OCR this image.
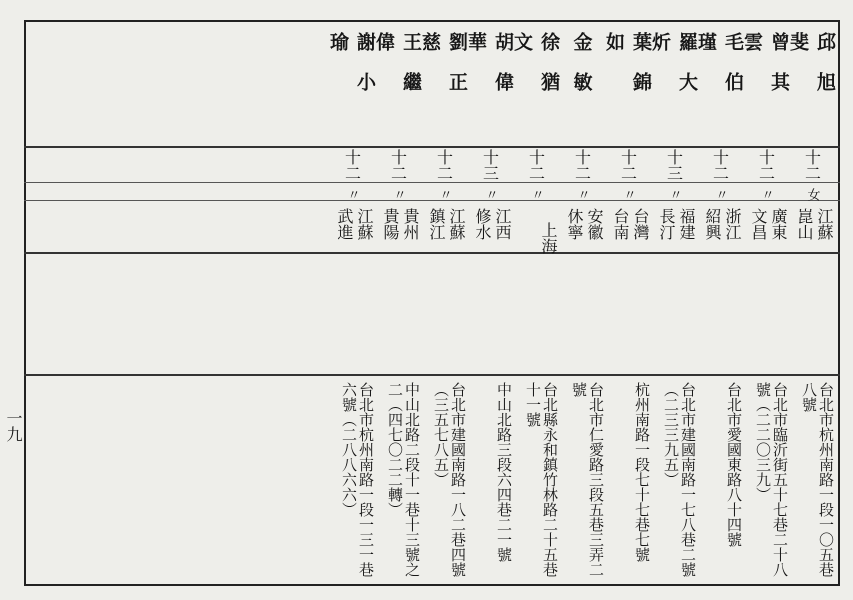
一九
邱旭斐
十二
女
江蘇 崑山
台北市杭州南路一段一〇五巷八號
曾其雲
十二
〃
廣東 文昌
台北市臨沂街五十七巷二十八號（二二〇三九）
毛伯瑾
十二
〃
浙江 紹興
台北市愛國東路八十四號
羅大炘
十三
〃
福建 長汀
台北市建國南路一七八巷二號（二三三九五）
葉錦如
十二
〃
台灣 台南
杭州南路一段七十七巷七號
金敏
十二
〃
安徽 休寧
台北市仁愛路三段五巷三弄二號
徐猶文
十二
〃
上海
台北縣永和鎮竹林路二十五巷十一號
胡偉華
十三
〃
江西 修水
中山北路三段六四巷二一號
劉正慈
十二
〃
江蘇 鎮江
台北市建國南路一八二巷四號（三五七八五）
王繼偉
十二
〃
貴州 貴陽
中山北路二段十一巷十三號之二（四七〇二二轉）
謝小瑜
十二
〃
江蘇 武進
台北市杭州南路一段一三一巷六號（二八八六六）
